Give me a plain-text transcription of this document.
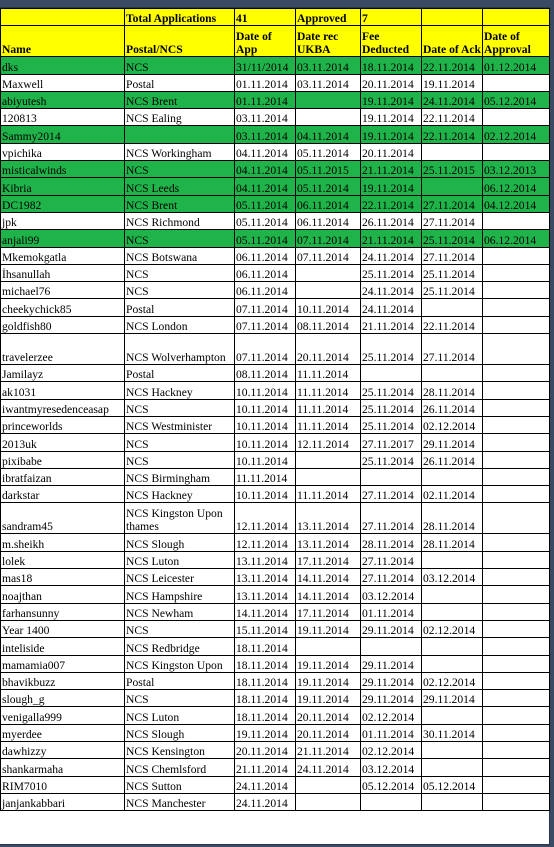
	Total Applications	41	Approved	7		
Name	Postal/NCS	Date of App	Date rec UKBA	Fee Deducted	Date of Ack	Date of Approval
dks	NCS	31/11/2014	03.11.2014	18.11.2014	22.11.2014	01.12.2014
Maxwell	Postal	01.11.2014	03.11.2014	20.11.2014	19.11.2014	
abiyutesh	NCS Brent	01.11.2014		19.11.2014	24.11.2014	05.12.2014
120813	NCS Ealing	03.11.2014		19.11.2014	22.11.2014	
Sammy2014		03.11.2014	04.11.2014	19.11.2014	22.11.2014	02.12.2014
vpichika	NCS Workingham	04.11.2014	05.11.2014	20.11.2014		
misticalwinds	NCS	04.11.2014	05.11.2015	21.11.2014	25.11.2015	03.12.2013
Kibria	NCS Leeds	04.11.2014	05.11.2014	19.11.2014		06.12.2014
DC1982	NCS Brent	05.11.2014	06.11.2014	22.11.2014	27.11.2014	04.12.2014
jpk	NCS Richmond	05.11.2014	06.11.2014	26.11.2014	27.11.2014	
anjali99	NCS	05.11.2014	07.11.2014	21.11.2014	25.11.2014	06.12.2014
Mkemokgatla	NCS Botswana	06.11.2014	07.11.2014	24.11.2014	27.11.2014	
İhsanullah	NCS	06.11.2014		25.11.2014	25.11.2014	
michael76	NCS	06.11.2014		24.11.2014	25.11.2014	
cheekychick85	Postal	07.11.2014	10.11.2014	24.11.2014		
goldfish80	NCS London	07.11.2014	08.11.2014	21.11.2014	22.11.2014	
travelerzee	NCS Wolverhampton	07.11.2014	20.11.2014	25.11.2014	27.11.2014	
Jamilayz	Postal	08.11.2014	11.11.2014			
ak1031	NCS Hackney	10.11.2014	11.11.2014	25.11.2014	28.11.2014	
iwantmyresedenceasap	NCS	10.11.2014	11.11.2014	25.11.2014	26.11.2014	
princeworlds	NCS Westminister	10.11.2014	11.11.2014	25.11.2014	02.12.2014	
2013uk	NCS	10.11.2014	12.11.2014	27.11.2017	29.11.2014	
pixibabe	NCS	10.11.2014		25.11.2014	26.11.2014	
ibratfaizan	NCS Birmingham	11.11.2014				
darkstar	NCS Hackney	10.11.2014	11.11.2014	27.11.2014	02.11.2014	
sandram45	NCS Kingston Upon thames	12.11.2014	13.11.2014	27.11.2014	28.11.2014	
m.sheikh	NCS Slough	12.11.2014	13.11.2014	28.11.2014	28.11.2014	
lolek	NCS Luton	13.11.2014	17.11.2014	27.11.2014		
mas18	NCS Leicester	13.11.2014	14.11.2014	27.11.2014	03.12.2014	
noajthan	NCS Hampshire	13.11.2014	14.11.2014	03.12.2014		
farhansunny	NCS Newham	14.11.2014	17.11.2014	01.11.2014		
Year 1400	NCS	15.11.2014	19.11.2014	29.11.2014	02.12.2014	
inteliside	NCS Redbridge	18.11.2014				
mamamia007	NCS Kingston Upon	18.11.2014	19.11.2014	29.11.2014		
bhavikbuzz	Postal	18.11.2014	19.11.2014	29.11.2014	02.12.2014	
slough_g	NCS	18.11.2014	19.11.2014	29.11.2014	29.11.2014	
venigalla999	NCS Luton	18.11.2014	20.11.2014	02.12.2014		
myerdee	NCS Slough	19.11.2014	20.11.2014	01.11.2014	30.11.2014	
dawhizzy	NCS Kensington	20.11.2014	21.11.2014	02.12.2014		
shankarmaha	NCS Chemlsford	21.11.2014	24.11.2014	03.12.2014		
RIM7010	NCS Sutton	24.11.2014		05.12.2014	05.12.2014	
janjankabbari	NCS Manchester	24.11.2014				
